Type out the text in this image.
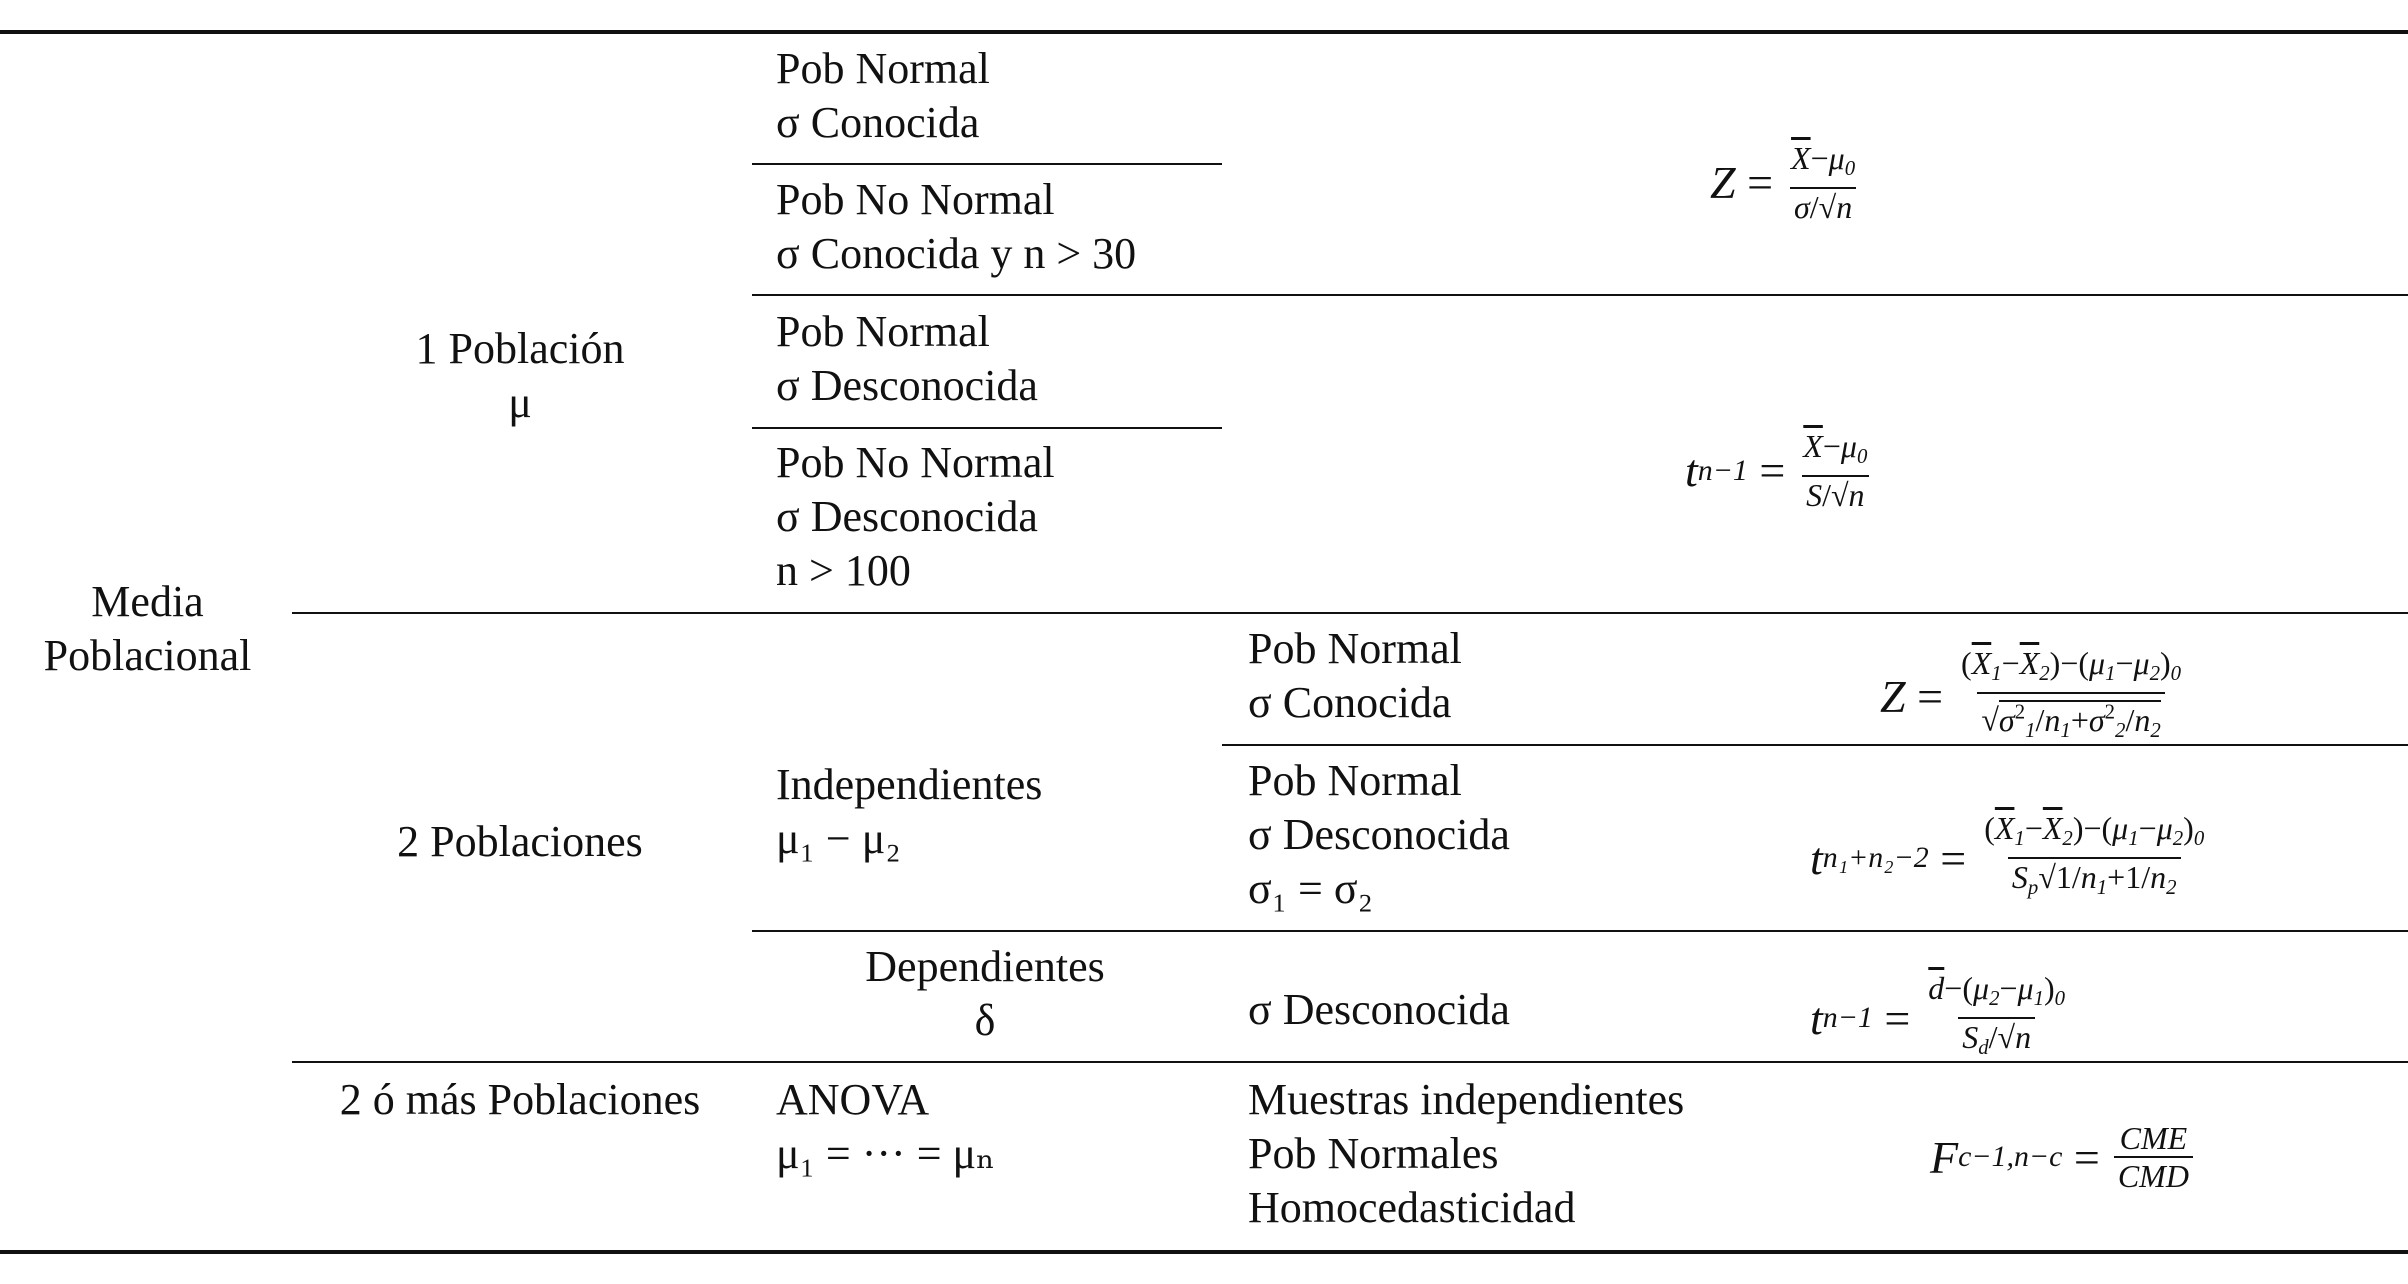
Media
Poblacional
1 Población
μ
2 Poblaciones
2 ó más Poblaciones
Pob Normal
σ Conocida
Pob No Normal
σ Conocida y n > 30
Pob Normal
σ Desconocida
Pob No Normal
σ Desconocida
n > 100
$Z = \frac{\overline{X}-\mu_0}{\sigma/√n}$
t $n-1 = \frac{\overline{X}-\mu_0}{S/√n}$
Independientes
μ₁ − μ₂
Dependientes
δ
Pob Normal
σ Conocida
Pob Normal
σ Desconocida
σ₁ = σ₂
σ Desconocida
$Z = \frac{(\overline{X}_1-\overline{X}_2)-(\mu_1-\mu_2)_0}{√\sigma^2_1/n_1+\sigma^2_2/n_2}$
t $n_1+n_2-2 = \frac{(\overline{X}_1-\overline{X}_2)-(\mu_1-\mu_2)_0}{S_p√1/n_1+1/n_2}$
t $n-1 = \frac{\overline{d}-(\mu_2-\mu_1)_0}{S_d/√n}$
ANOVA
μ₁ = ··· = μₙ
Muestras independientes
Pob Normales
Homocedasticidad
F $c-1,n-c = \frac{\text{CME}}{\text{CMD}}$
